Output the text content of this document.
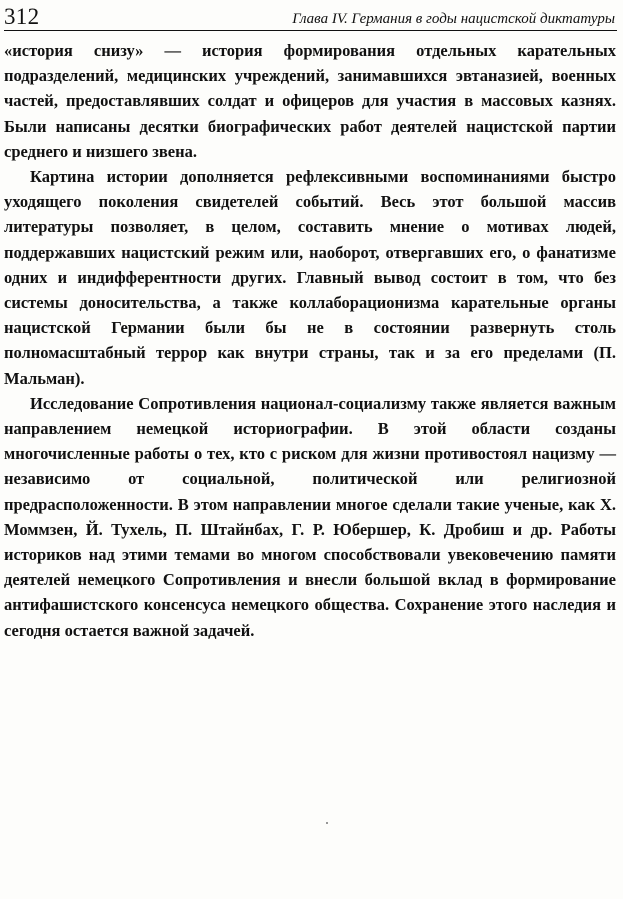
312	Глава IV. Германия в годы нацистской диктатуры

«история снизу» — история формирования отдельных карательных подразделений, медицинских учреждений, занимавшихся эвтаназией, военных частей, предоставлявших солдат и офицеров для участия в массовых казнях. Были написаны десятки биографических работ деятелей нацистской партии среднего и низшего звена.

Картина истории дополняется рефлексивными воспоминаниями быстро уходящего поколения свидетелей событий. Весь этот большой массив литературы позволяет, в целом, составить мнение о мотивах людей, поддержавших нацистский режим или, наоборот, отвергавших его, о фанатизме одних и индифферентности других. Главный вывод состоит в том, что без системы доносительства, а также коллаборационизма карательные органы нацистской Германии были бы не в состоянии развернуть столь полномасштабный террор как внутри страны, так и за его пределами (П. Мальман).

Исследование Сопротивления национал-социализму также является важным направлением немецкой историографии. В этой области созданы многочисленные работы о тех, кто с риском для жизни противостоял нацизму — независимо от социальной, политической или религиозной предрасположенности. В этом направлении многое сделали такие ученые, как Х. Моммзен, Й. Тухель, П. Штайнбах, Г. Р. Юбершер, К. Дробиш и др. Работы историков над этими темами во многом способствовали увековечению памяти деятелей немецкого Сопротивления и внесли большой вклад в формирование антифашистского консенсуса немецкого общества. Сохранение этого наследия и сегодня остается важной задачей.
